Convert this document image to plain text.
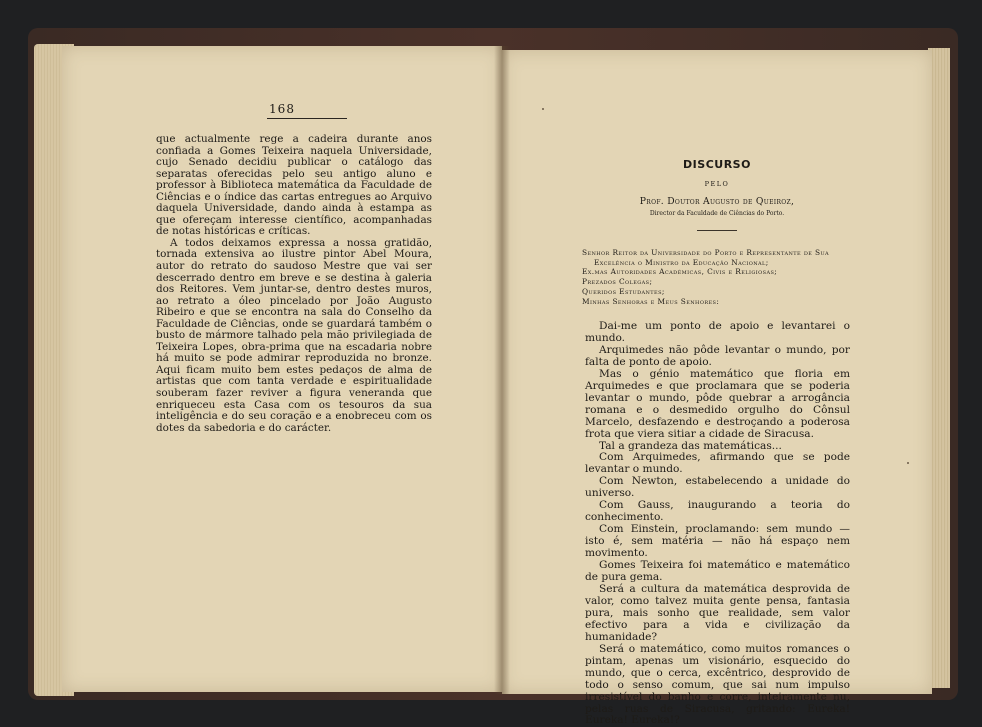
168

que actualmente rege a cadeira durante anos confiada a Gomes Teixeira naquela Universidade, cujo Senado decidiu publicar o catálogo das separatas oferecidas pelo seu antigo aluno e professor à Biblioteca matemática da Faculdade de Ciências e o índice das cartas entregues ao Arquivo daquela Universidade, dando ainda à estampa as que ofereçam interesse científico, acompanhadas de notas históricas e críticas.

A todos deixamos expressa a nossa gratidão, tornada extensiva ao ilustre pintor Abel Moura, autor do retrato do saudoso Mestre que vai ser descerrado dentro em breve e se destina à galeria dos Reitores. Vem juntar-se, dentro destes muros, ao retrato a óleo pincelado por João Augusto Ribeiro e que se encontra na sala do Conselho da Faculdade de Ciências, onde se guardará também o busto de mármore talhado pela mão privilegiada de Teixeira Lopes, obra-prima que na escadaria nobre há muito se pode admirar reproduzida no bronze. Aqui ficam muito bem estes pedaços de alma de artistas que com tanta verdade e espiritualidade souberam fazer reviver a figura veneranda que enriqueceu esta Casa com os tesouros da sua inteligência e do seu coração e a enobreceu com os dotes da sabedoria e do carácter.

DISCURSO
PELO
Prof. Doutor Augusto de Queiroz,
Director da Faculdade de Ciências do Porto.

Senhor Reitor da Universidade do Porto e Representante de Sua Excelência o Ministro da Educação Nacional;

Ex.mas Autoridades Académicas, Civis e Religiosas;

Prezados Colegas;

Queridos Estudantes;

Minhas Senhoras e Meus Senhores:

Dai-me um ponto de apoio e levantarei o mundo.

Arquimedes não pôde levantar o mundo, por falta de ponto de apoio.

Mas o génio matemático que floria em Arquimedes e que proclamara que se poderia levantar o mundo, pôde quebrar a arrogância romana e o desmedido orgulho do Cônsul Marcelo, desfazendo e destroçando a poderosa frota que viera sitiar a cidade de Siracusa.

Tal a grandeza das matemáticas...

Com Arquimedes, afirmando que se pode levantar o mundo.

Com Newton, estabelecendo a unidade do universo.

Com Gauss, inaugurando a teoria do conhecimento.

Com Einstein, proclamando: sem mundo — isto é, sem matéria — não há espaço nem movimento.

Gomes Teixeira foi matemático e matemático de pura gema.

Será a cultura da matemática desprovida de valor, como talvez muita gente pensa, fantasia pura, mais sonho que realidade, sem valor efectivo para a vida e civilização da humanidade?

Será o matemático, como muitos romances o pintam, apenas um visionário, esquecido do mundo, que o cerca, excêntrico, desprovido de todo o senso comum, que sai num impulso irresistível do banho e corre, inteiramente nu, pelas ruas de Siracusa, gritando: Eureka! Eureka! Eureka!?
